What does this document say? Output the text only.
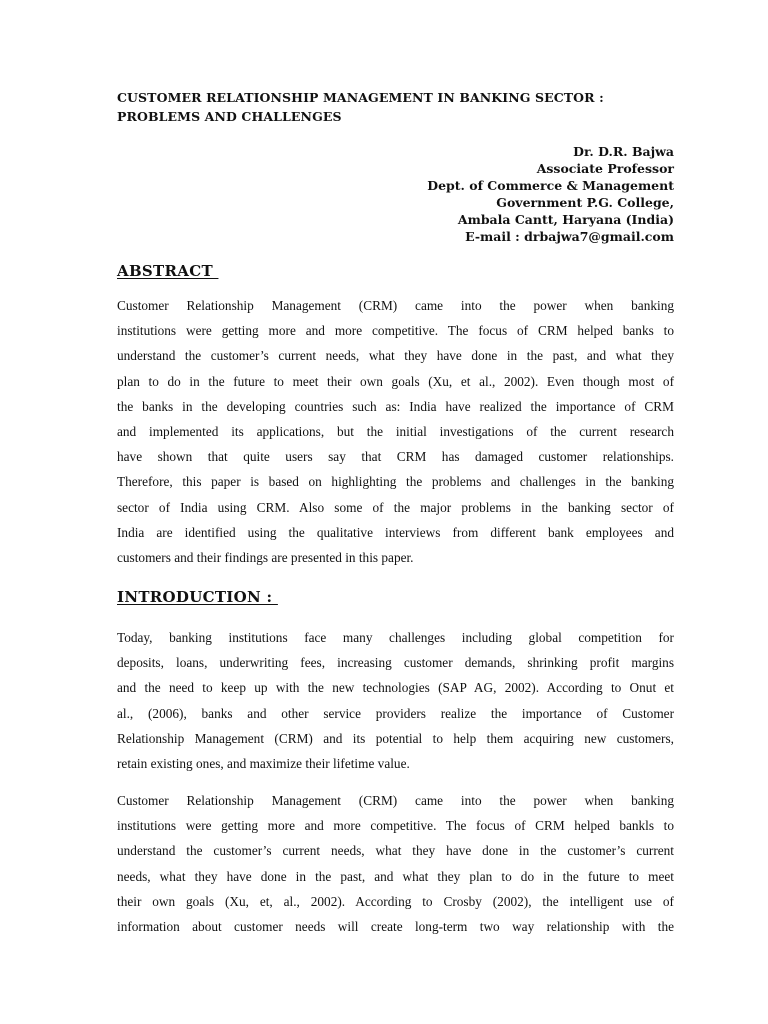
CUSTOMER RELATIONSHIP MANAGEMENT IN BANKING SECTOR :
PROBLEMS AND CHALLENGES
Dr. D.R. Bajwa
Associate Professor
Dept. of Commerce & Management
Government P.G. College,
Ambala Cantt, Haryana (India)
E-mail : drbajwa7@gmail.com
ABSTRACT
Customer Relationship Management (CRM) came into the power when banking
institutions were getting more and more competitive. The focus of CRM helped banks to
understand the customer’s current needs, what they have done in the past, and what they
plan to do in the future to meet their own goals (Xu, et al., 2002). Even though most of
the banks in the developing countries such as: India have realized the importance of CRM
and implemented its applications, but the initial investigations of the current research
have shown that quite users say that CRM has damaged customer relationships.
Therefore, this paper is based on highlighting the problems and challenges in the banking
sector of India using CRM. Also some of the major problems in the banking sector of
India are identified using the qualitative interviews from different bank employees and
customers and their findings are presented in this paper.
INTRODUCTION :
Today, banking institutions face many challenges including global competition for
deposits, loans, underwriting fees, increasing customer demands, shrinking profit margins
and the need to keep up with the new technologies (SAP AG, 2002). According to Onut et
al., (2006), banks and other service providers realize the importance of Customer
Relationship Management (CRM) and its potential to help them acquiring new customers,
retain existing ones, and maximize their lifetime value.
Customer Relationship Management (CRM) came into the power when banking
institutions were getting more and more competitive. The focus of CRM helped bankls to
understand the customer’s current needs, what they have done in the customer’s current
needs, what they have done in the past, and what they plan to do in the future to meet
their own goals (Xu, et, al., 2002). According to Crosby (2002), the intelligent use of
information about customer needs will create long-term two way relationship with the
